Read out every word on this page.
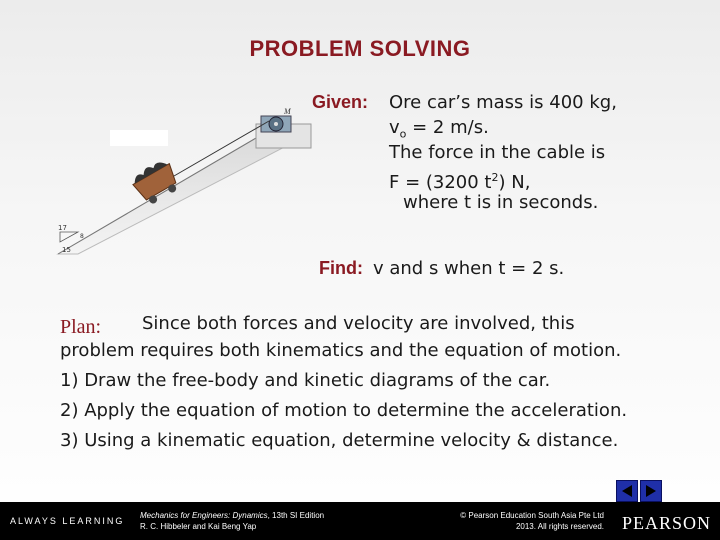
PROBLEM SOLVING
M
17
8
15
Given: Ore car’s mass is 400 kg,
$v_o = 2$ m/s.
The force in the cable is
F = (3200 $t^2$) N,
where t is in seconds.
Find: v and s when t = 2 s.
Plan:	Since both forces and velocity are involved, this
problem requires both kinematics and the equation of motion.
1) Draw the free-body and kinetic diagrams of the car.
2) Apply the equation of motion to determine the acceleration.
3) Using a kinematic equation, determine velocity & distance.
ALWAYS LEARNING
Mechanics for Engineers: Dynamics, 13th SI Edition
R. C. Hibbeler and Kai Beng Yap
© Pearson Education South Asia Pte Ltd
2013. All rights reserved. PEARSON
